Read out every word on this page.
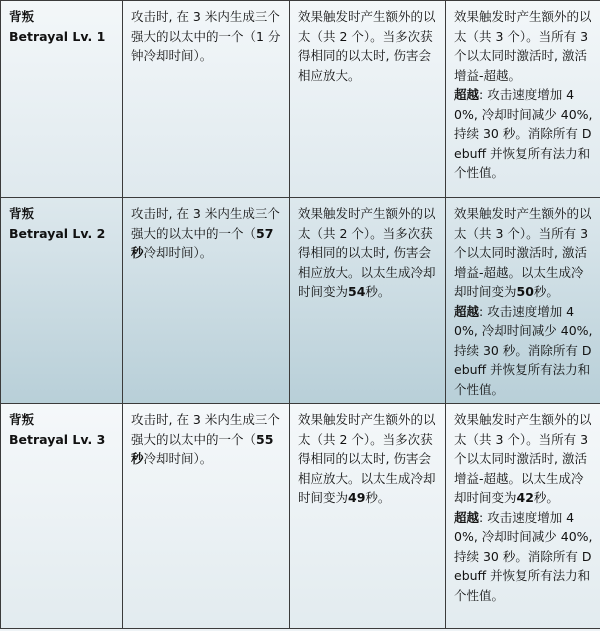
背叛
Betrayal Lv. 1	攻击时, 在 3 米内生成三个强大的以太中的一个（1 分钟冷却时间）。	效果触发时产生额外的以太（共 2 个）。当多次获得相同的以太时, 伤害会相应放大。	效果触发时产生额外的以太（共 3 个）。当所有 3 个以太同时激活时, 激活增益-超越。
超越: 攻击速度增加 40%, 冷却时间减少 40%, 持续 30 秒。消除所有 Debuff 并恢复所有法力和个性值。

背叛
Betrayal Lv. 2	攻击时, 在 3 米内生成三个强大的以太中的一个（57 秒冷却时间）。	效果触发时产生额外的以太（共 2 个）。当多次获得相同的以太时, 伤害会相应放大。以太生成冷却时间变为54秒。	效果触发时产生额外的以太（共 3 个）。当所有 3 个以太同时激活时, 激活增益-超越。以太生成冷却时间变为50秒。
超越: 攻击速度增加 40%, 冷却时间减少 40%, 持续 30 秒。消除所有 Debuff 并恢复所有法力和个性值。

背叛
Betrayal Lv. 3	攻击时, 在 3 米内生成三个强大的以太中的一个（55 秒冷却时间）。	效果触发时产生额外的以太（共 2 个）。当多次获得相同的以太时, 伤害会相应放大。以太生成冷却时间变为49秒。	效果触发时产生额外的以太（共 3 个）。当所有 3 个以太同时激活时, 激活增益-超越。以太生成冷却时间变为42秒。
超越: 攻击速度增加 40%, 冷却时间减少 40%, 持续 30 秒。消除所有 Debuff 并恢复所有法力和个性值。
